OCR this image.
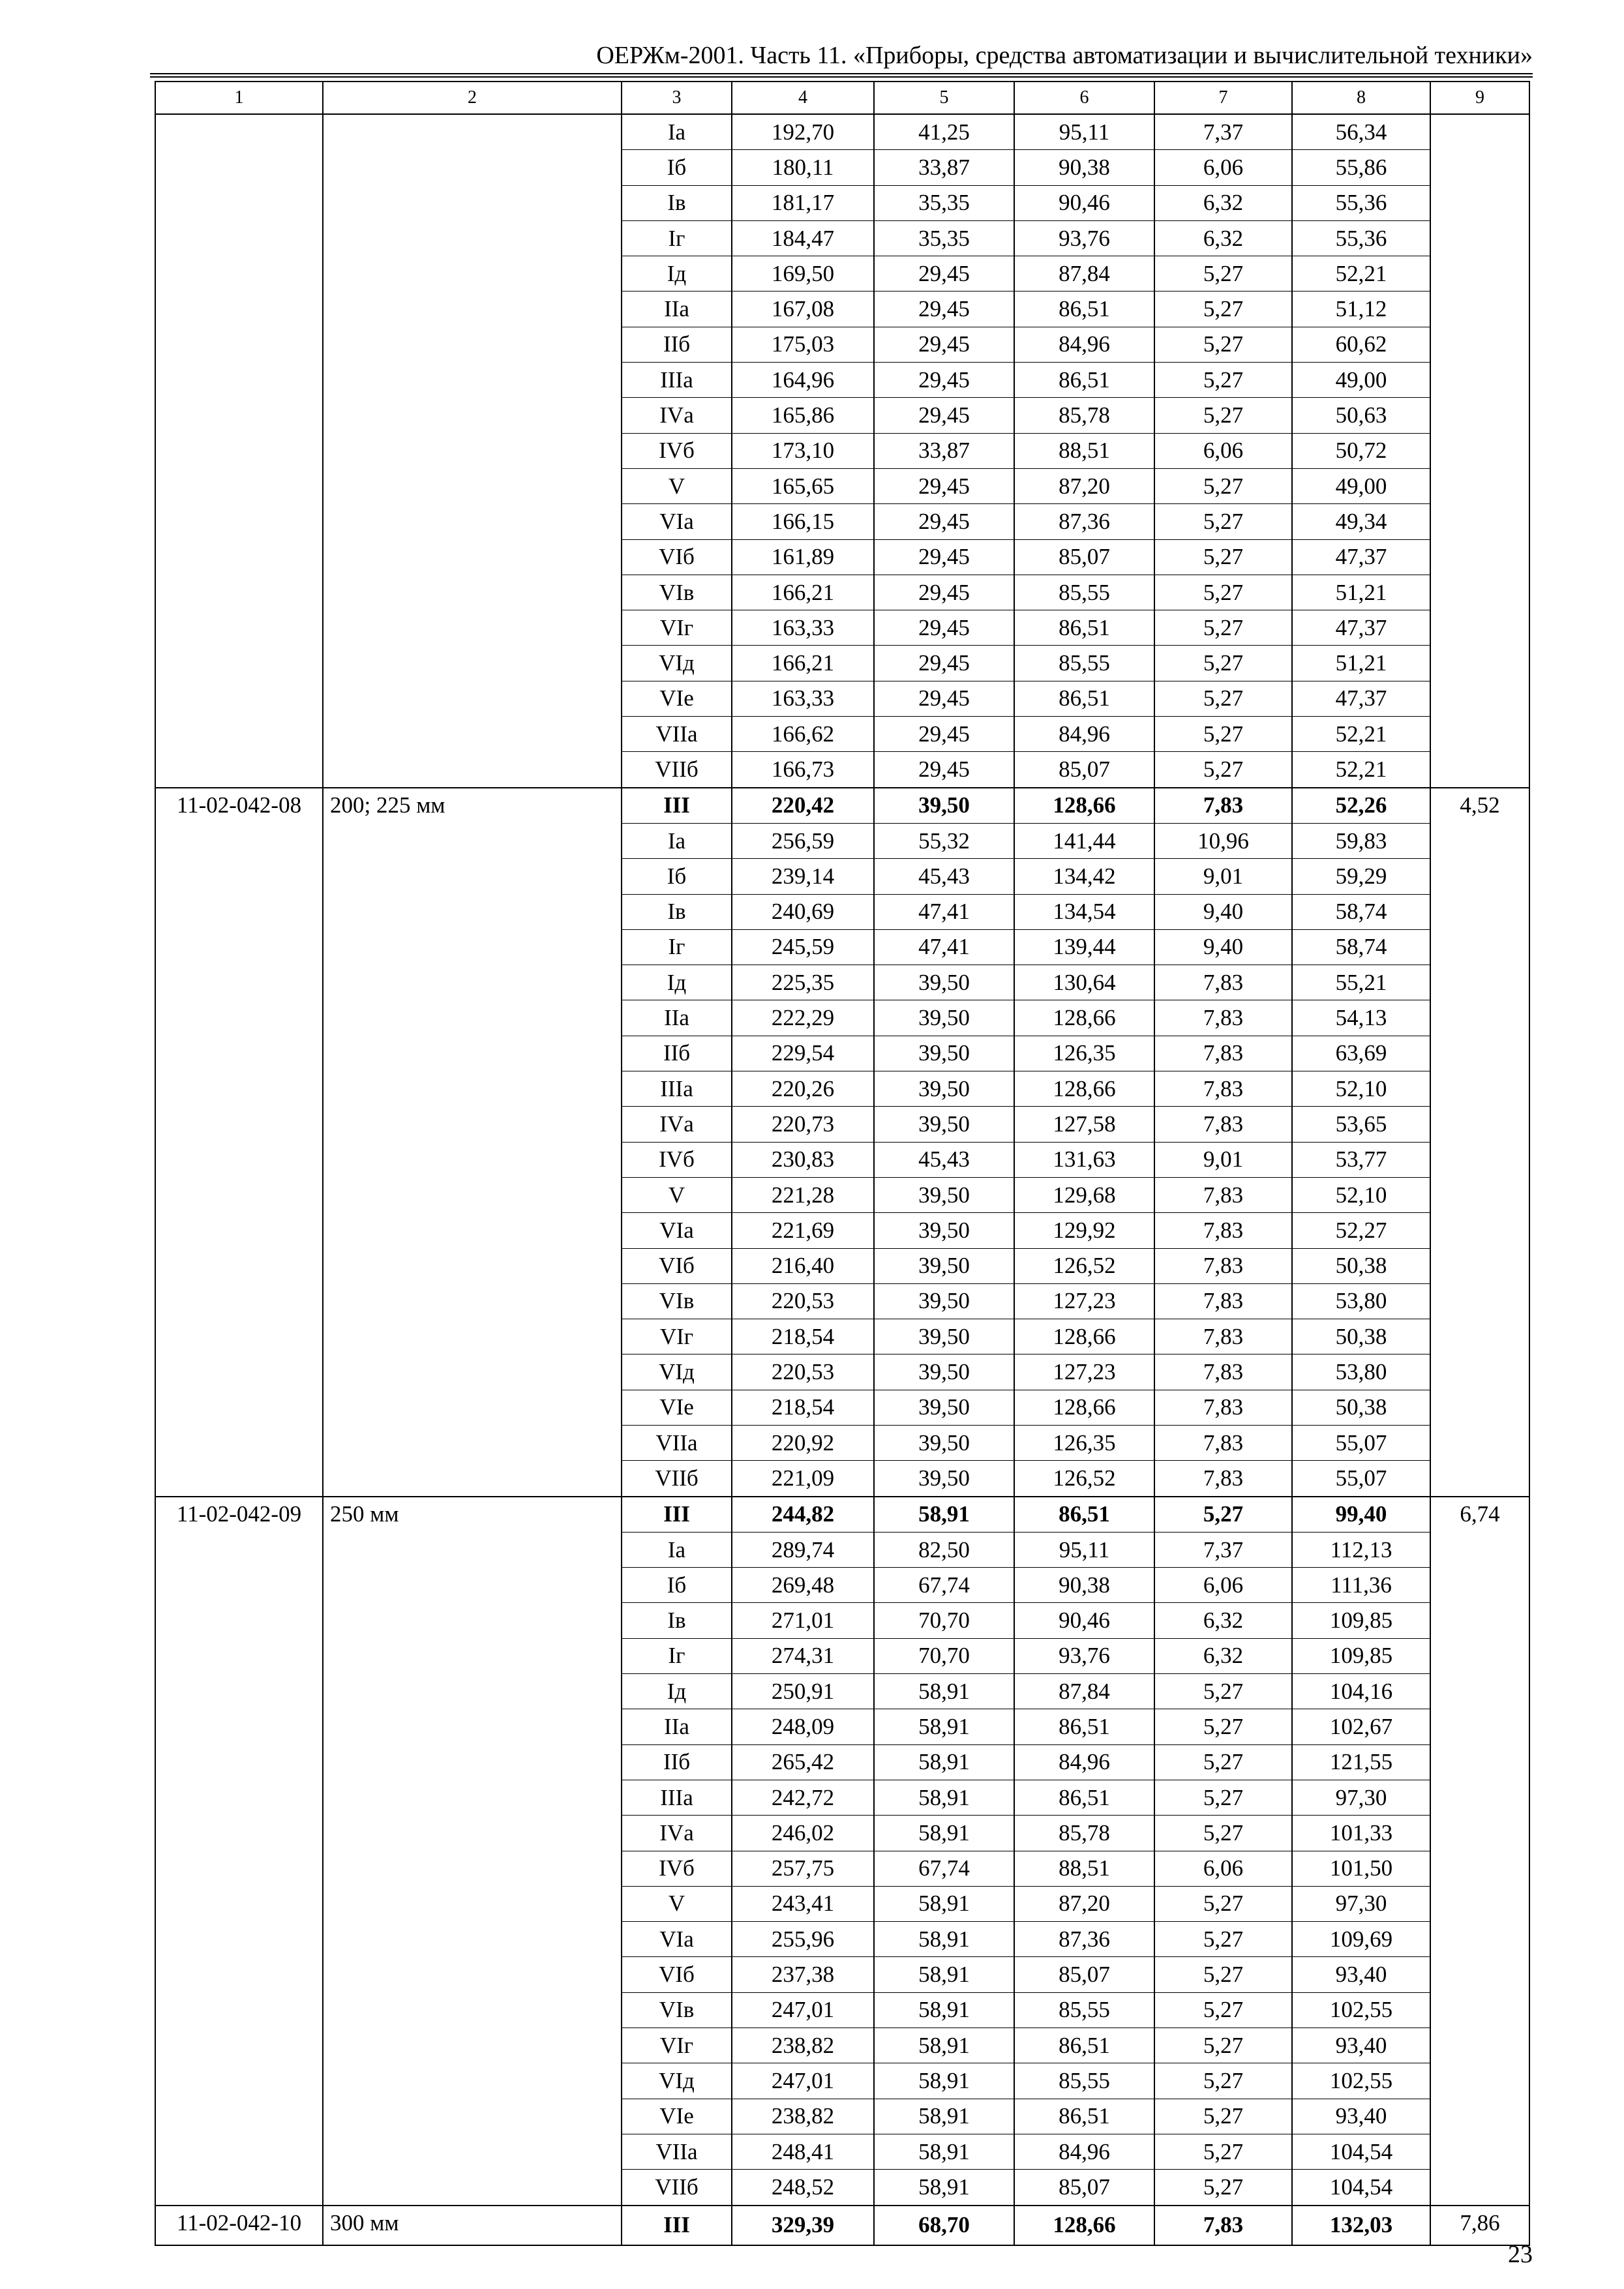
ОЕРЖм-2001. Часть 11. «Приборы, средства автоматизации и вычислительной техники»
1	2	3	4	5	6	7	8	9
		Iа	192,70	41,25	95,11	7,37	56,34	
		Iб	180,11	33,87	90,38	6,06	55,86	
		Iв	181,17	35,35	90,46	6,32	55,36	
		Iг	184,47	35,35	93,76	6,32	55,36	
		Iд	169,50	29,45	87,84	5,27	52,21	
		IIа	167,08	29,45	86,51	5,27	51,12	
		IIб	175,03	29,45	84,96	5,27	60,62	
		IIIа	164,96	29,45	86,51	5,27	49,00	
		IVа	165,86	29,45	85,78	5,27	50,63	
		IVб	173,10	33,87	88,51	6,06	50,72	
		V	165,65	29,45	87,20	5,27	49,00	
		VIа	166,15	29,45	87,36	5,27	49,34	
		VIб	161,89	29,45	85,07	5,27	47,37	
		VIв	166,21	29,45	85,55	5,27	51,21	
		VIг	163,33	29,45	86,51	5,27	47,37	
		VIд	166,21	29,45	85,55	5,27	51,21	
		VIе	163,33	29,45	86,51	5,27	47,37	
		VIIа	166,62	29,45	84,96	5,27	52,21	
		VIIб	166,73	29,45	85,07	5,27	52,21	
11-02-042-08	200; 225 мм	III	220,42	39,50	128,66	7,83	52,26	4,52
		Iа	256,59	55,32	141,44	10,96	59,83	
		Iб	239,14	45,43	134,42	9,01	59,29	
		Iв	240,69	47,41	134,54	9,40	58,74	
		Iг	245,59	47,41	139,44	9,40	58,74	
		Iд	225,35	39,50	130,64	7,83	55,21	
		IIа	222,29	39,50	128,66	7,83	54,13	
		IIб	229,54	39,50	126,35	7,83	63,69	
		IIIа	220,26	39,50	128,66	7,83	52,10	
		IVа	220,73	39,50	127,58	7,83	53,65	
		IVб	230,83	45,43	131,63	9,01	53,77	
		V	221,28	39,50	129,68	7,83	52,10	
		VIа	221,69	39,50	129,92	7,83	52,27	
		VIб	216,40	39,50	126,52	7,83	50,38	
		VIв	220,53	39,50	127,23	7,83	53,80	
		VIг	218,54	39,50	128,66	7,83	50,38	
		VIд	220,53	39,50	127,23	7,83	53,80	
		VIе	218,54	39,50	128,66	7,83	50,38	
		VIIа	220,92	39,50	126,35	7,83	55,07	
		VIIб	221,09	39,50	126,52	7,83	55,07	
11-02-042-09	250 мм	III	244,82	58,91	86,51	5,27	99,40	6,74
		Iа	289,74	82,50	95,11	7,37	112,13	
		Iб	269,48	67,74	90,38	6,06	111,36	
		Iв	271,01	70,70	90,46	6,32	109,85	
		Iг	274,31	70,70	93,76	6,32	109,85	
		Iд	250,91	58,91	87,84	5,27	104,16	
		IIа	248,09	58,91	86,51	5,27	102,67	
		IIб	265,42	58,91	84,96	5,27	121,55	
		IIIа	242,72	58,91	86,51	5,27	97,30	
		IVа	246,02	58,91	85,78	5,27	101,33	
		IVб	257,75	67,74	88,51	6,06	101,50	
		V	243,41	58,91	87,20	5,27	97,30	
		VIа	255,96	58,91	87,36	5,27	109,69	
		VIб	237,38	58,91	85,07	5,27	93,40	
		VIв	247,01	58,91	85,55	5,27	102,55	
		VIг	238,82	58,91	86,51	5,27	93,40	
		VIд	247,01	58,91	85,55	5,27	102,55	
		VIе	238,82	58,91	86,51	5,27	93,40	
		VIIа	248,41	58,91	84,96	5,27	104,54	
		VIIб	248,52	58,91	85,07	5,27	104,54	
11-02-042-10	300 мм	III	329,39	68,70	128,66	7,83	132,03	7,86
23
